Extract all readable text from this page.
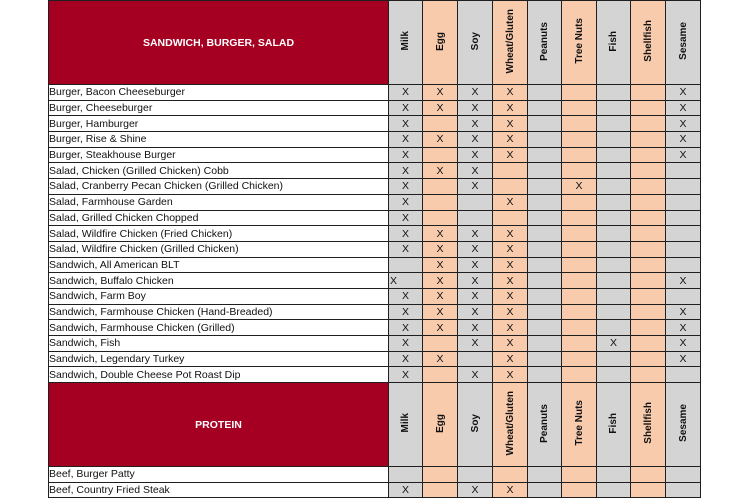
SANDWICH, BURGER, SALAD	Milk	Egg	Soy	Wheat/Gluten	Peanuts	Tree Nuts	Fish	Shellfish	Sesame
Burger, Bacon Cheeseburger	X	X	X	X					X
Burger, Cheeseburger	X	X	X	X					X
Burger, Hamburger	X		X	X					X
Burger, Rise & Shine	X	X	X	X					X
Burger, Steakhouse Burger	X		X	X					X
Salad, Chicken (Grilled Chicken) Cobb	X	X	X						
Salad, Cranberry Pecan Chicken (Grilled Chicken)	X		X			X			
Salad, Farmhouse Garden	X			X					
Salad, Grilled Chicken Chopped	X								
Salad, Wildfire Chicken (Fried Chicken)	X	X	X	X					
Salad, Wildfire Chicken (Grilled Chicken)	X	X	X	X					
Sandwich, All American BLT		X	X	X					
Sandwich, Buffalo Chicken	X	X	X	X					X
Sandwich, Farm Boy	X	X	X	X					
Sandwich, Farmhouse Chicken (Hand-Breaded)	X	X	X	X					X
Sandwich, Farmhouse Chicken (Grilled)	X	X	X	X					X
Sandwich, Fish	X		X	X			X		X
Sandwich, Legendary Turkey	X	X		X					X
Sandwich, Double Cheese Pot Roast Dip	X		X	X					
PROTEIN	Milk	Egg	Soy	Wheat/Gluten	Peanuts	Tree Nuts	Fish	Shellfish	Sesame
Beef, Burger Patty									
Beef, Country Fried Steak	X		X	X					
